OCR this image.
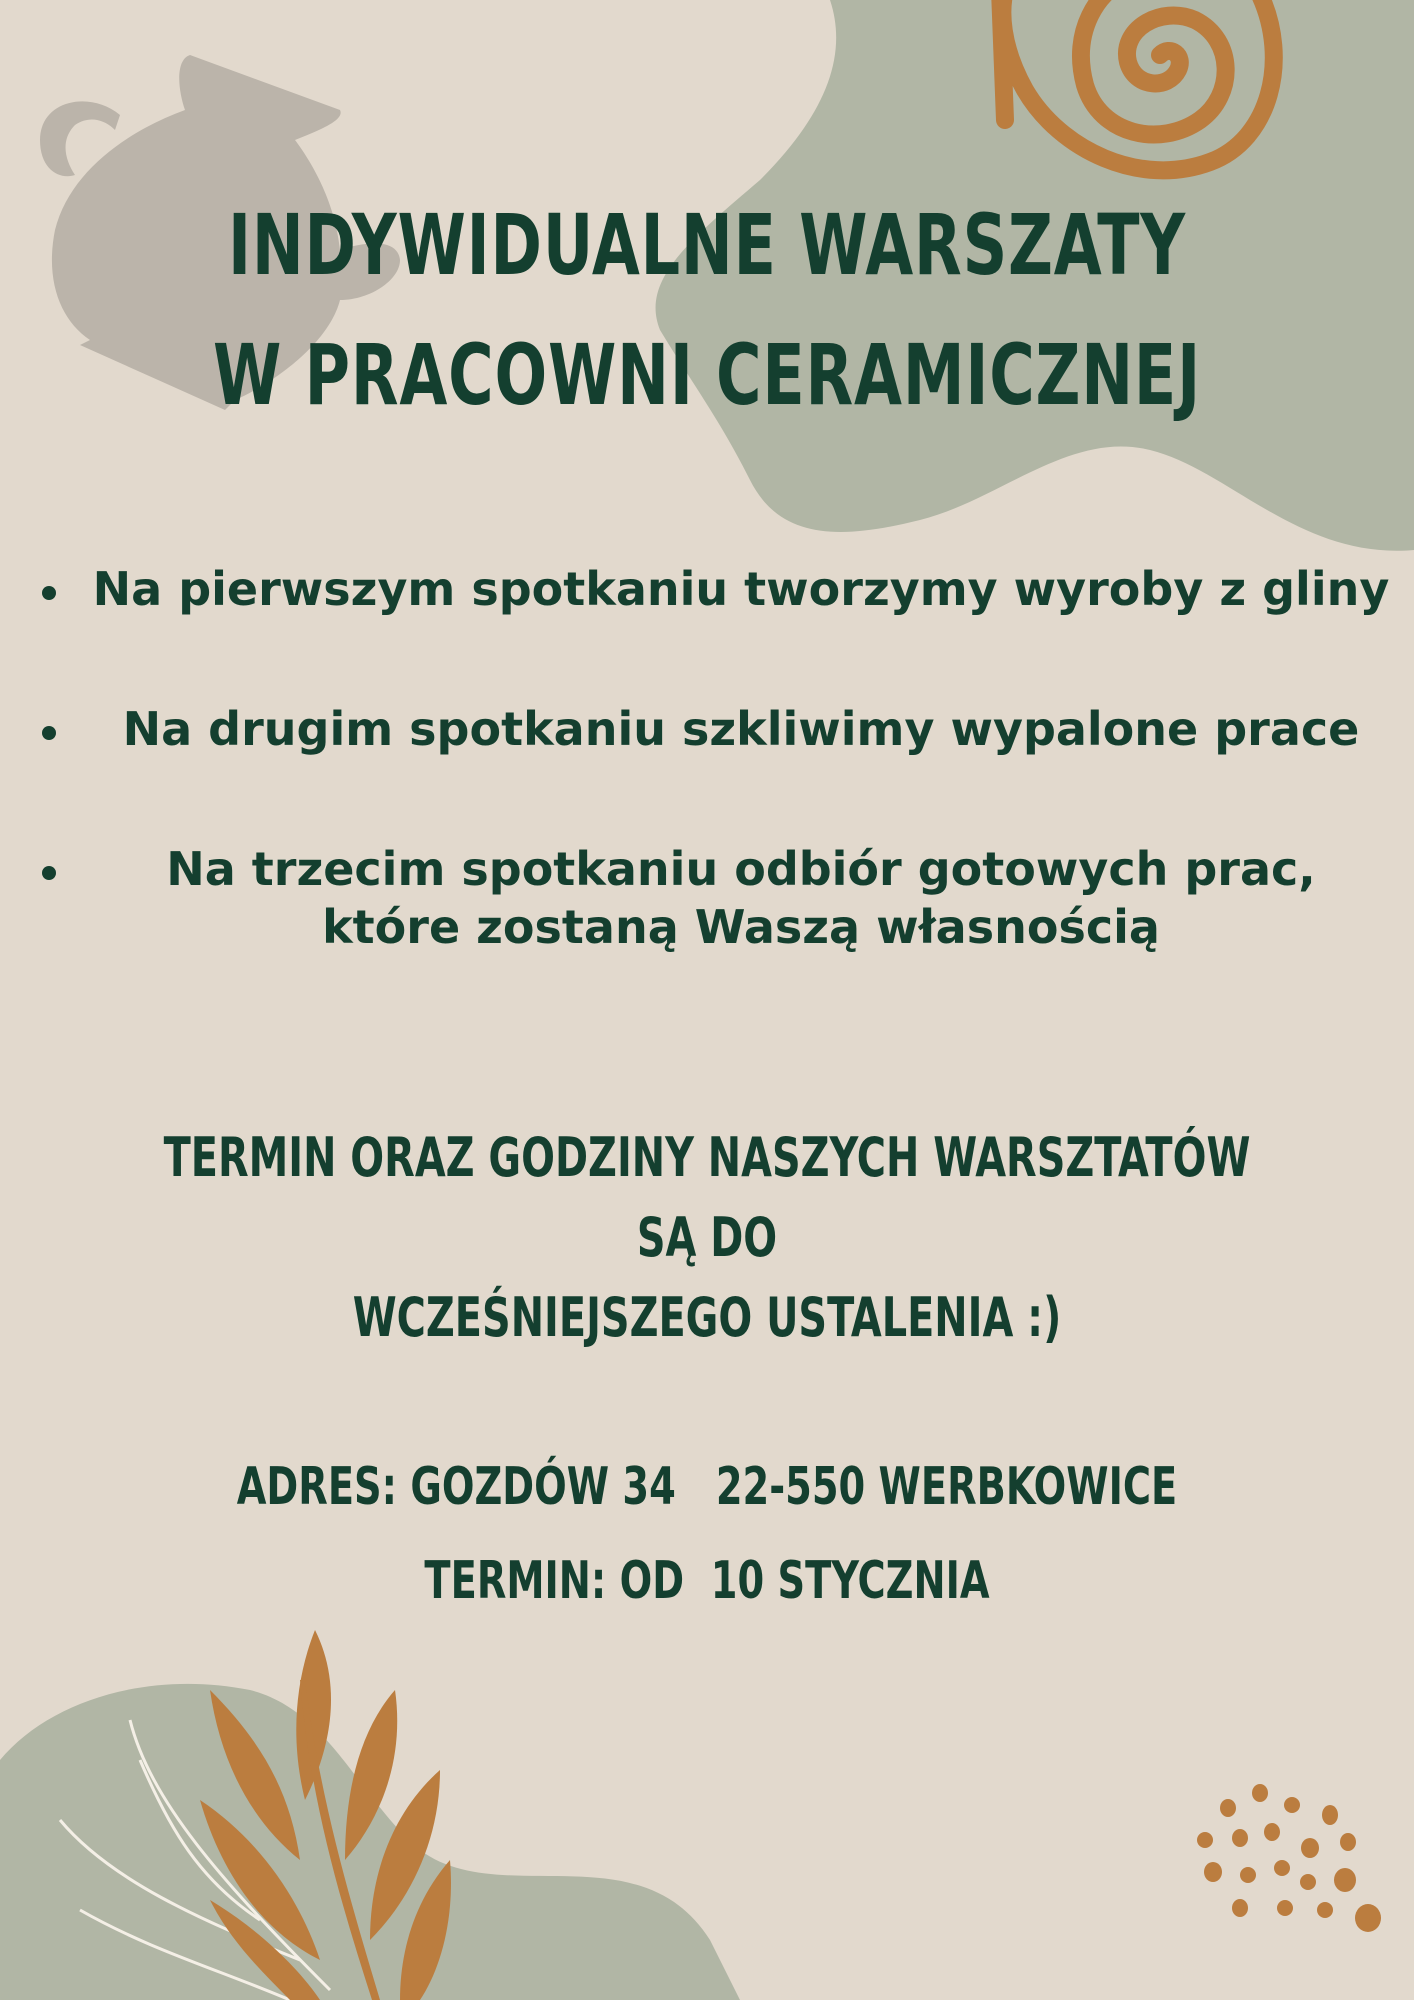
INDYWIDUALNE WARSZATY
W PRACOWNI CERAMICZNEJ
Na pierwszym spotkaniu tworzymy wyroby z gliny
Na drugim spotkaniu szkliwimy wypalone prace
Na trzecim spotkaniu odbiór gotowych prac, które zostaną Waszą własnością
TERMIN ORAZ GODZINY NASZYCH WARSZTATÓW SĄ DO
WCZEŚNIEJSZEGO USTALENIA :)
ADRES: GOZDÓW 34   22-550 WERBKOWICE
TERMIN: OD  10 STYCZNIA
